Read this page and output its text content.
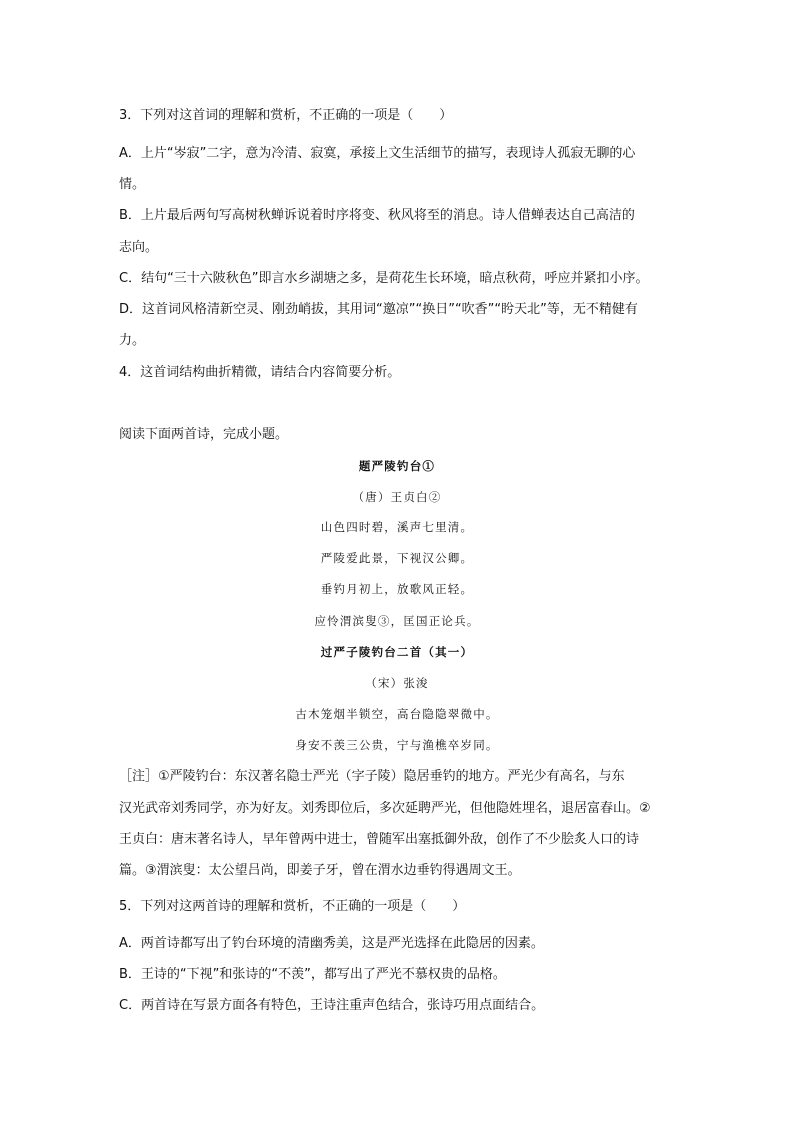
3．下列对这首词的理解和赏析，不正确的一项是（　　）
A．上片“岑寂”二字，意为冷清、寂寞，承接上文生活细节的描写，表现诗人孤寂无聊的心
情。
B．上片最后两句写高树秋蝉诉说着时序将变、秋风将至的消息。诗人借蝉表达自己高洁的
志向。
C．结句“三十六陂秋色”即言水乡湖塘之多，是荷花生长环境，暗点秋荷，呼应并紧扣小序。
D．这首词风格清新空灵、刚劲峭拔，其用词“邀凉”“换日”“吹香”“盻天北”等，无不精健有
力。
4．这首词结构曲折精微，请结合内容简要分析。
阅读下面两首诗，完成小题。
题严陵钓台①
（唐）王贞白②
山色四时碧，溪声七里清。
严陵爱此景，下视汉公卿。
垂钓月初上，放歌风正轻。
应怜渭滨叟③，匡国正论兵。
过严子陵钓台二首（其一）
（宋）张浚
古木笼烟半锁空，高台隐隐翠微中。
身安不羡三公贵，宁与渔樵卒岁同。
［注］①严陵钓台：东汉著名隐士严光（字子陵）隐居垂钓的地方。严光少有高名，与东
汉光武帝刘秀同学，亦为好友。刘秀即位后，多次延聘严光，但他隐姓埋名，退居富春山。②
王贞白：唐末著名诗人，早年曾两中进士，曾随军出塞抵御外敌，创作了不少脍炙人口的诗
篇。③渭滨叟：太公望吕尚，即姜子牙，曾在渭水边垂钓得遇周文王。
5．下列对这两首诗的理解和赏析，不正确的一项是（　　）
A．两首诗都写出了钓台环境的清幽秀美，这是严光选择在此隐居的因素。
B．王诗的“下视”和张诗的“不羡”，都写出了严光不慕权贵的品格。
C．两首诗在写景方面各有特色，王诗注重声色结合，张诗巧用点面结合。
